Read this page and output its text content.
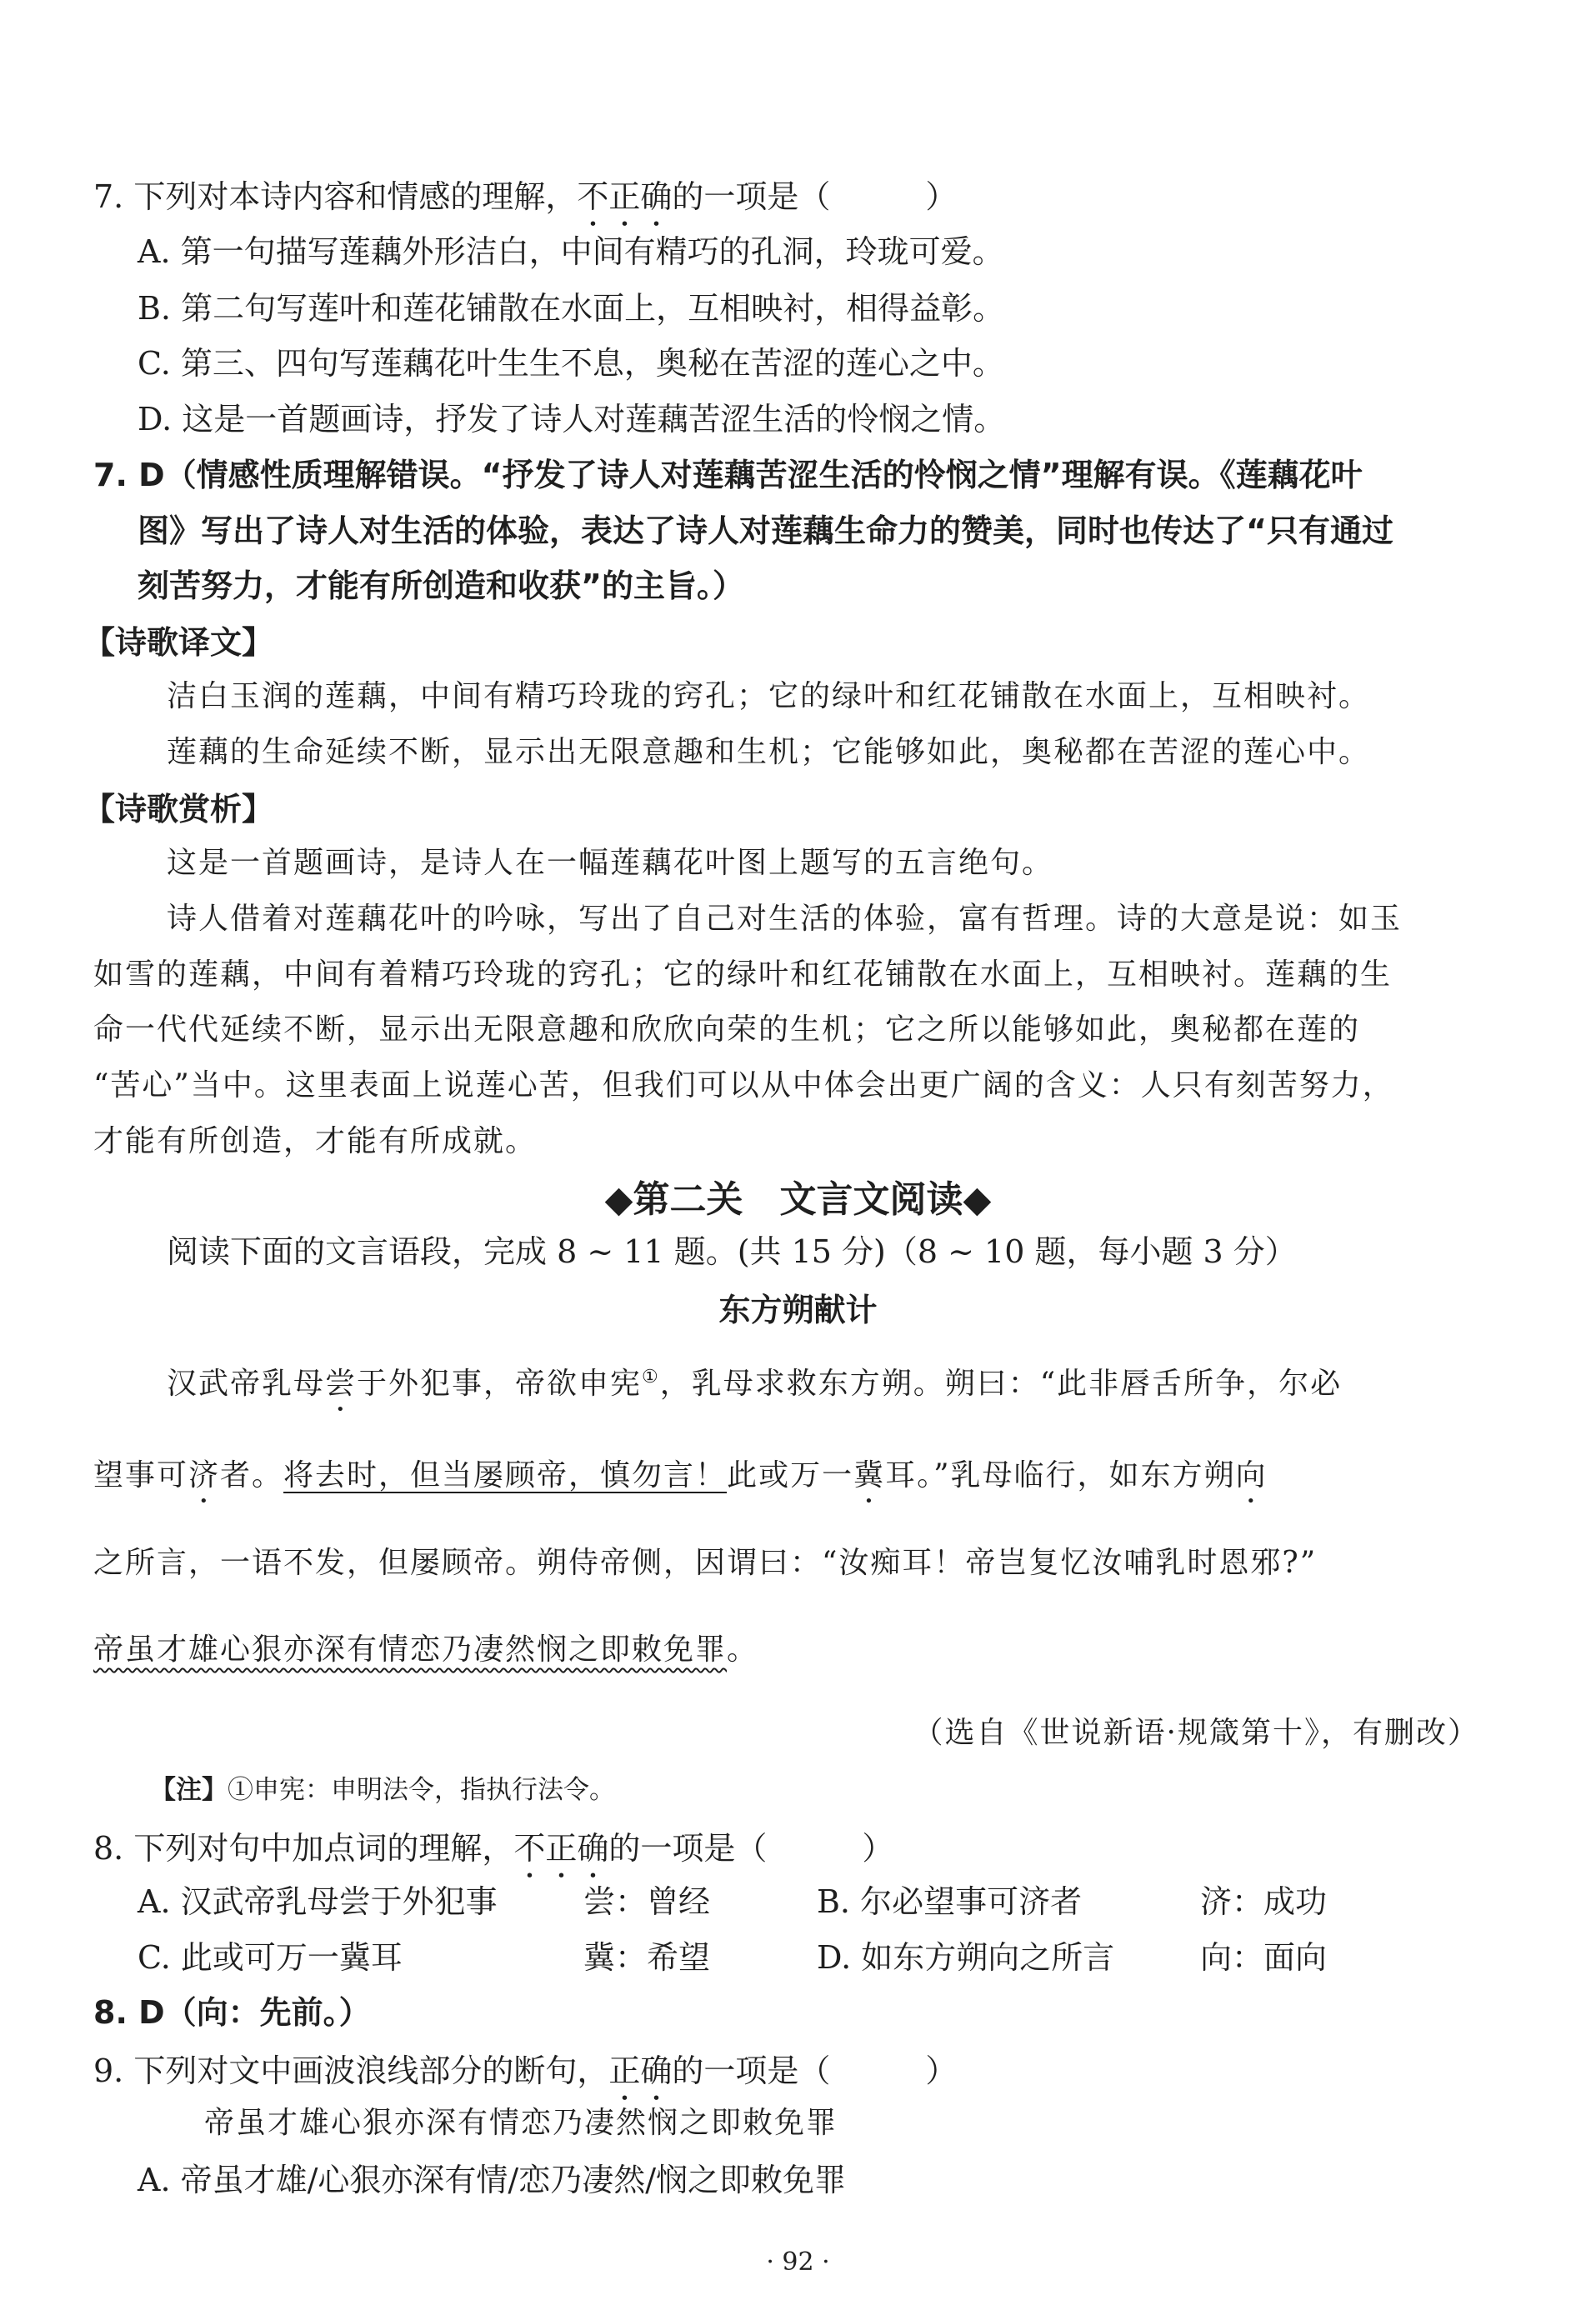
7. 下列对本诗内容和情感的理解，不正确的一项是（　　　）
A. 第一句描写莲藕外形洁白，中间有精巧的孔洞，玲珑可爱。
B. 第二句写莲叶和莲花铺散在水面上，互相映衬，相得益彰。
C. 第三、四句写莲藕花叶生生不息，奥秘在苦涩的莲心之中。
D. 这是一首题画诗，抒发了诗人对莲藕苦涩生活的怜悯之情。
7. D（情感性质理解错误。“抒发了诗人对莲藕苦涩生活的怜悯之情”理解有误。《莲藕花叶
图》写出了诗人对生活的体验，表达了诗人对莲藕生命力的赞美，同时也传达了“只有通过
刻苦努力，才能有所创造和收获”的主旨。）
【诗歌译文】
洁白玉润的莲藕，中间有精巧玲珑的窍孔；它的绿叶和红花铺散在水面上，互相映衬。
莲藕的生命延续不断，显示出无限意趣和生机；它能够如此，奥秘都在苦涩的莲心中。
【诗歌赏析】
这是一首题画诗，是诗人在一幅莲藕花叶图上题写的五言绝句。
诗人借着对莲藕花叶的吟咏，写出了自己对生活的体验，富有哲理。诗的大意是说：如玉
如雪的莲藕，中间有着精巧玲珑的窍孔；它的绿叶和红花铺散在水面上，互相映衬。莲藕的生
命一代代延续不断，显示出无限意趣和欣欣向荣的生机；它之所以能够如此，奥秘都在莲的
“苦心”当中。这里表面上说莲心苦，但我们可以从中体会出更广阔的含义：人只有刻苦努力，
才能有所创造，才能有所成就。
◆第二关　文言文阅读◆
阅读下面的文言语段，完成 8 ~ 11 题。(共 15 分)（8 ~ 10 题，每小题 3 分）
东方朔献计
汉武帝乳母尝于外犯事，帝欲申宪①，乳母求救东方朔。朔曰：“此非唇舌所争，尔必
望事可济者。将去时，但当屡顾帝，慎勿言！此或万一冀耳。”乳母临行，如东方朔向
之所言，一语不发，但屡顾帝。朔侍帝侧，因谓曰：“汝痴耳！帝岂复忆汝哺乳时恩邪?”
帝虽才雄心狠亦深有情恋乃凄然悯之即敕免罪。
（选自《世说新语·规箴第十》，有删改）
【注】①申宪：申明法令，指执行法令。
8. 下列对句中加点词的理解，不正确的一项是（　　　）
A. 汉武帝乳母尝于外犯事	尝：曾经	B. 尔必望事可济者	济：成功
C. 此或可万一冀耳	冀：希望	D. 如东方朔向之所言	向：面向
8. D（向：先前。）
9. 下列对文中画波浪线部分的断句，正确的一项是（　　　）
帝虽才雄心狠亦深有情恋乃凄然悯之即敕免罪
A. 帝虽才雄/心狠亦深有情/恋乃凄然/悯之即敕免罪
· 92 ·
